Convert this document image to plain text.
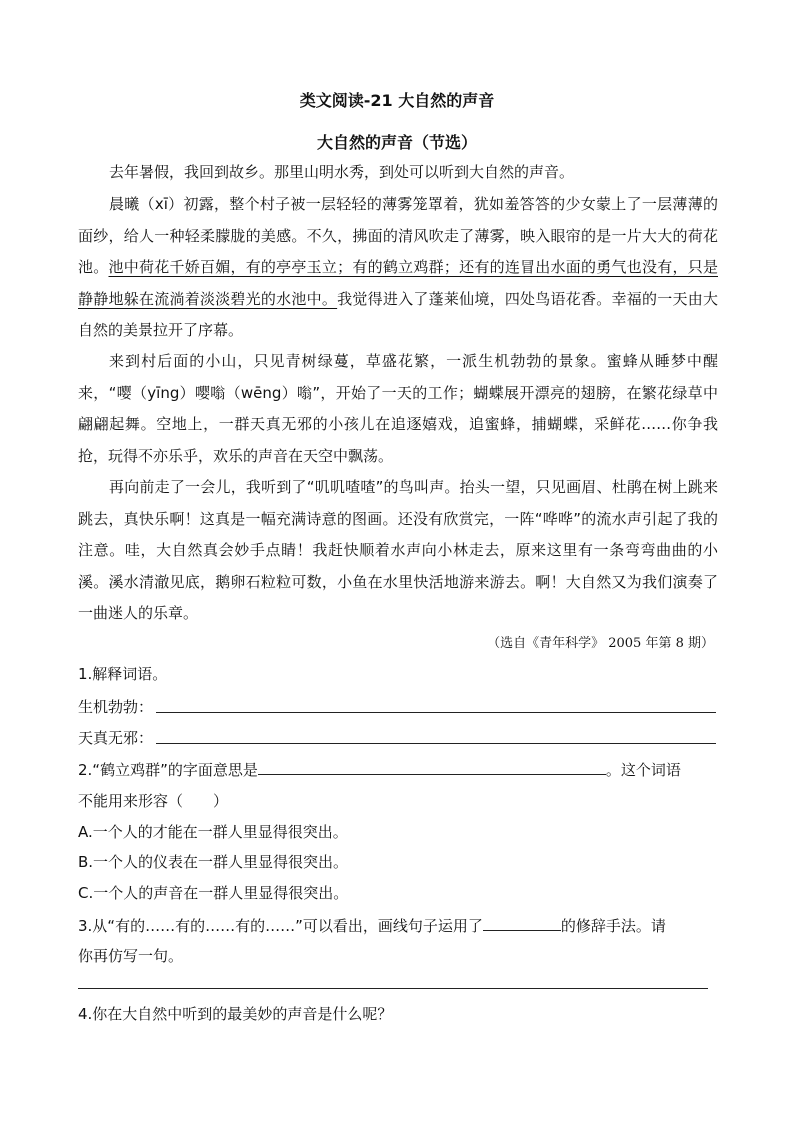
类文阅读-21 大自然的声音
大自然的声音（节选）
去年暑假，我回到故乡。那里山明水秀，到处可以听到大自然的声音。
晨曦（xī）初露，整个村子被一层轻轻的薄雾笼罩着，犹如羞答答的少女蒙上了一层薄薄的面纱，给人一种轻柔朦胧的美感。不久，拂面的清风吹走了薄雾，映入眼帘的是一片大大的荷花池。池中荷花千娇百媚，有的亭亭玉立；有的鹤立鸡群；还有的连冒出水面的勇气也没有，只是静静地躲在流淌着淡淡碧光的水池中。我觉得进入了蓬莱仙境，四处鸟语花香。幸福的一天由大自然的美景拉开了序幕。
来到村后面的小山，只见青树绿蔓，草盛花繁，一派生机勃勃的景象。蜜蜂从睡梦中醒来，“嘤（yīng）嘤嗡（wēng）嗡”，开始了一天的工作；蝴蝶展开漂亮的翅膀，在繁花绿草中翩翩起舞。空地上，一群天真无邪的小孩儿在追逐嬉戏，追蜜蜂，捕蝴蝶，采鲜花……你争我抢，玩得不亦乐乎，欢乐的声音在天空中飘荡。
再向前走了一会儿，我听到了“叽叽喳喳”的鸟叫声。抬头一望，只见画眉、杜鹃在树上跳来跳去，真快乐啊！这真是一幅充满诗意的图画。还没有欣赏完，一阵“哗哗”的流水声引起了我的注意。哇，大自然真会妙手点睛！我赶快顺着水声向小林走去，原来这里有一条弯弯曲曲的小溪。溪水清澈见底，鹅卵石粒粒可数，小鱼在水里快活地游来游去。啊！大自然又为我们演奏了一曲迷人的乐章。
（选自《青年科学》 2005 年第 8 期）
1.解释词语。
生机勃勃：
天真无邪：
2.“鹤立鸡群”的字面意思是	。这个词语
不能用来形容（　　）
A.一个人的才能在一群人里显得很突出。
B.一个人的仪表在一群人里显得很突出。
C.一个人的声音在一群人里显得很突出。
3.从“有的……有的……有的……”可以看出，画线句子运用了	的修辞手法。请
你再仿写一句。
4.你在大自然中听到的最美妙的声音是什么呢？
